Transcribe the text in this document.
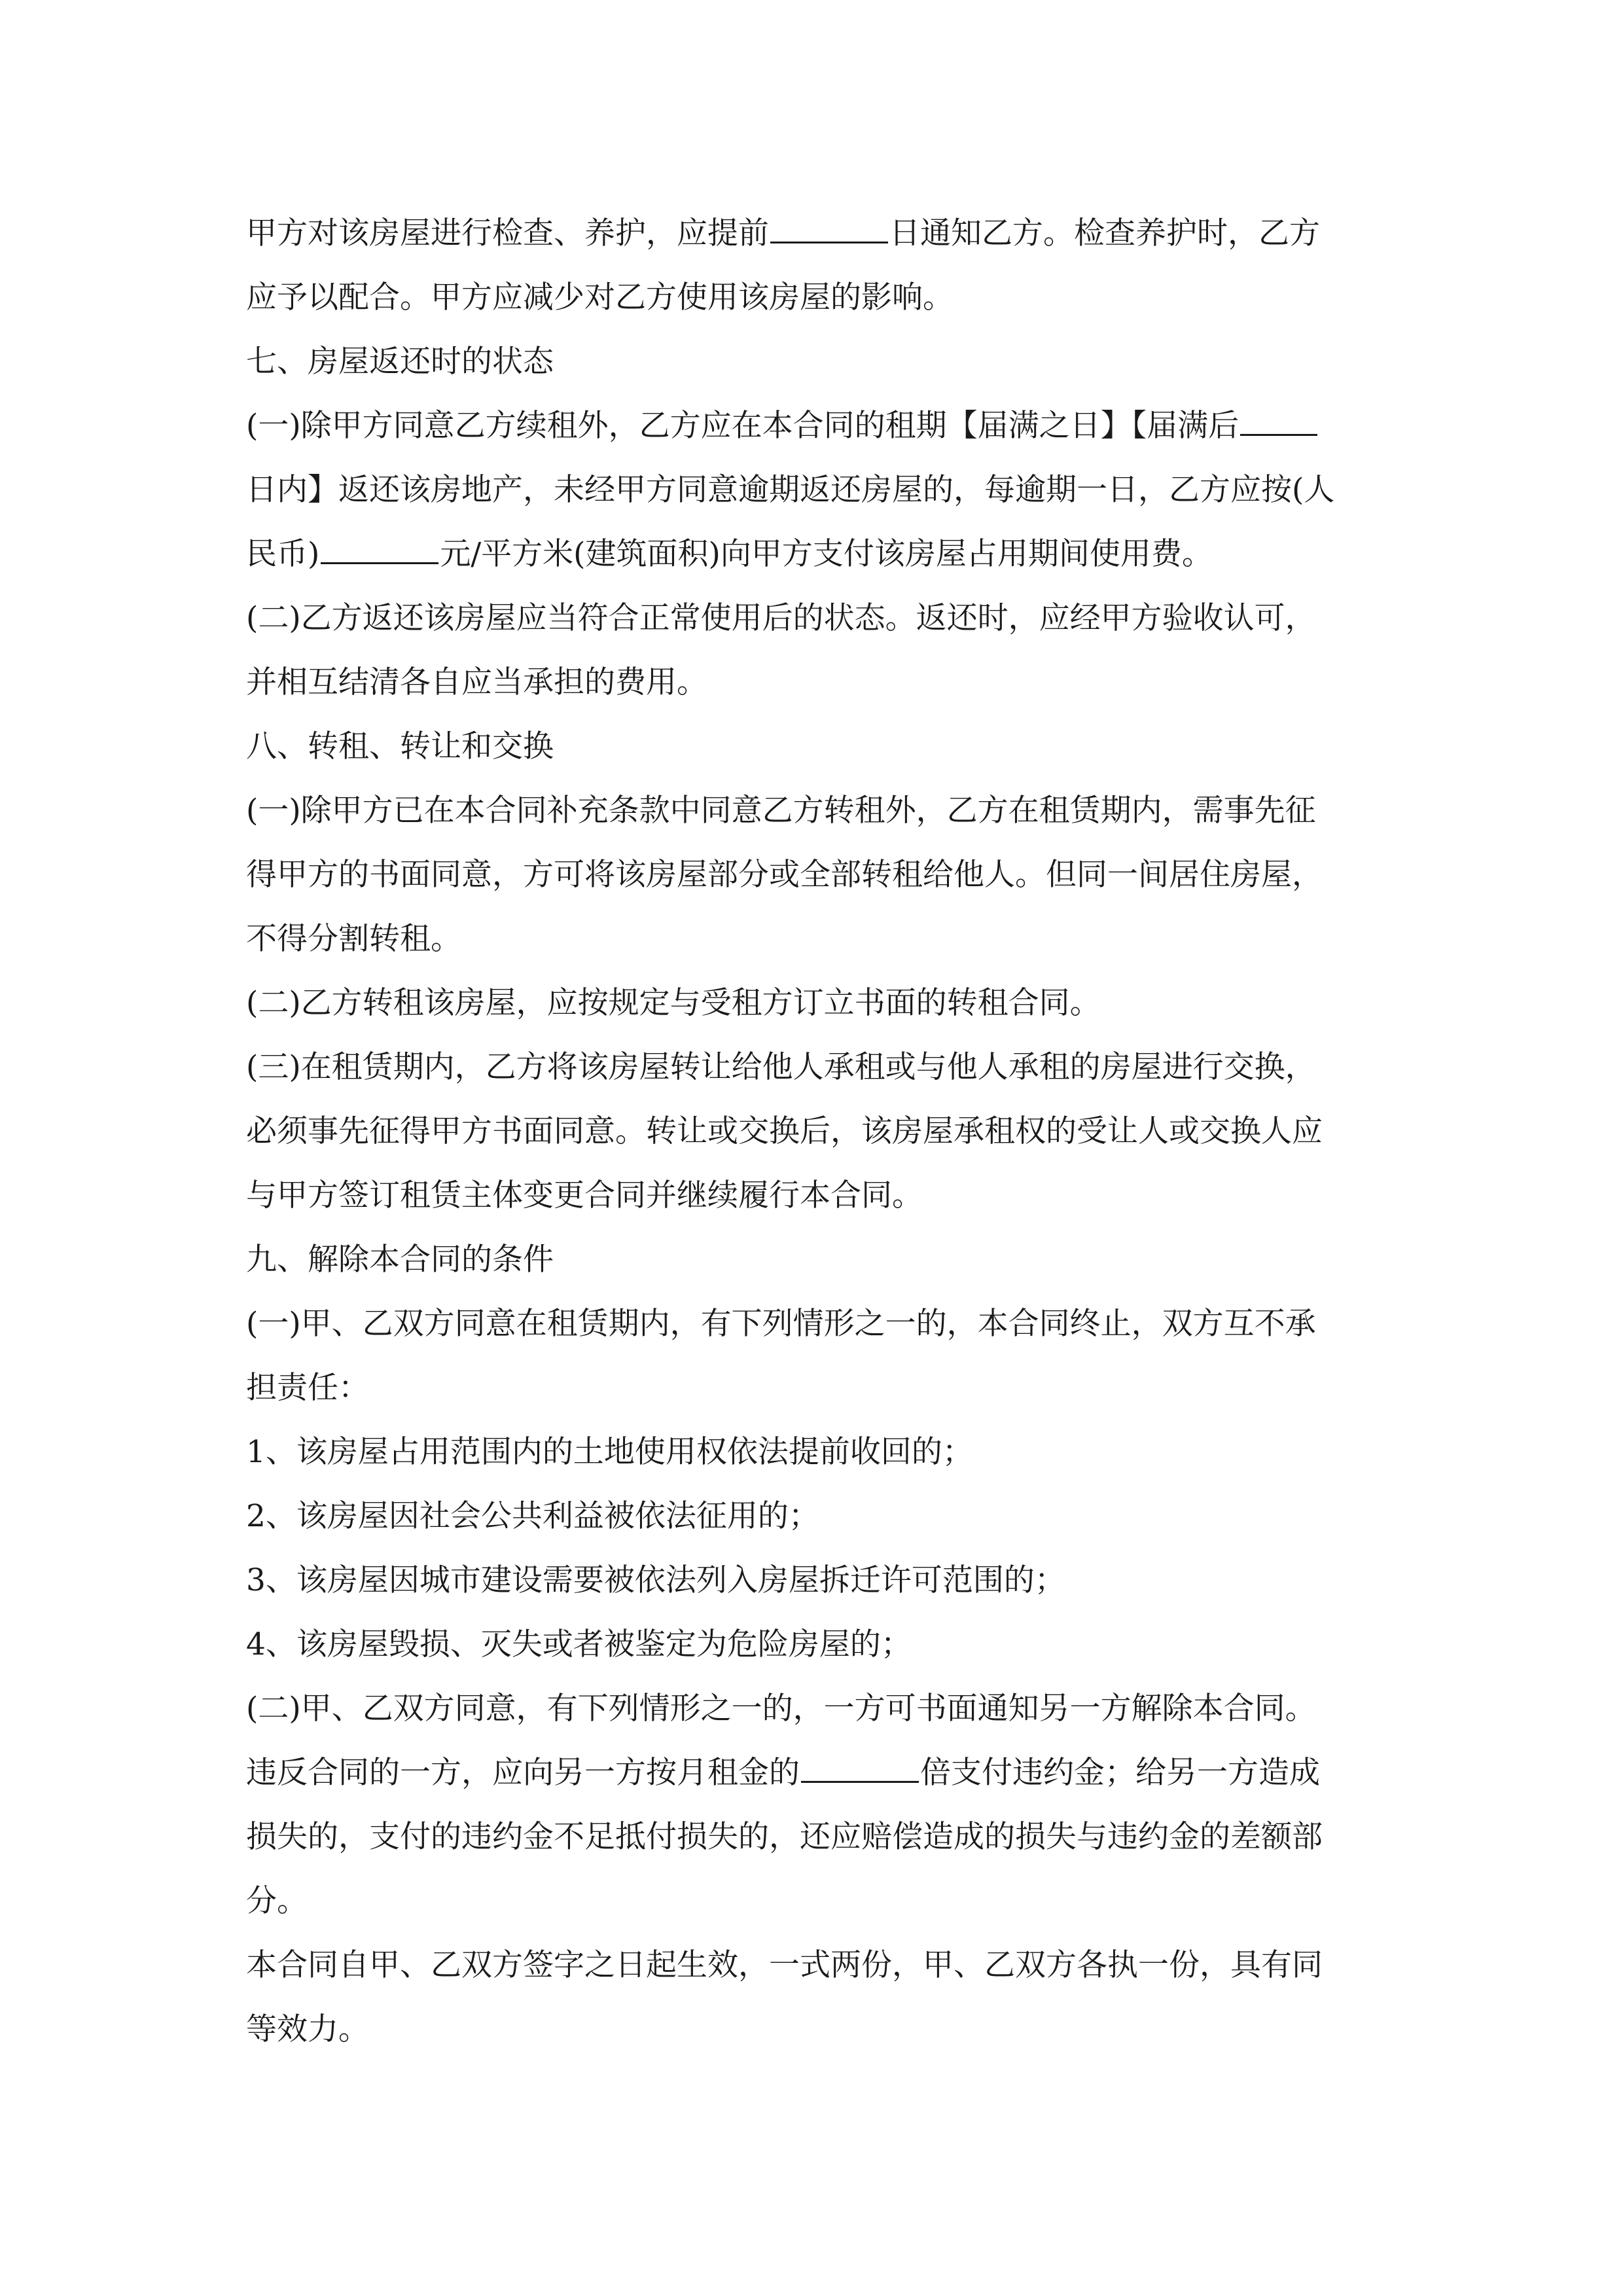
甲方对该房屋进行检查、养护，应提前	日通知乙方。检查养护时，乙方
应予以配合。甲方应减少对乙方使用该房屋的影响。
七、房屋返还时的状态
(一)除甲方同意乙方续租外，乙方应在本合同的租期【届满之日】【届满后
日内】返还该房地产，未经甲方同意逾期返还房屋的，每逾期一日，乙方应按(人
民币)	元/平方米(建筑面积)向甲方支付该房屋占用期间使用费。
(二)乙方返还该房屋应当符合正常使用后的状态。返还时，应经甲方验收认可，
并相互结清各自应当承担的费用。
八、转租、转让和交换
(一)除甲方已在本合同补充条款中同意乙方转租外，乙方在租赁期内，需事先征
得甲方的书面同意，方可将该房屋部分或全部转租给他人。但同一间居住房屋，
不得分割转租。
(二)乙方转租该房屋，应按规定与受租方订立书面的转租合同。
(三)在租赁期内，乙方将该房屋转让给他人承租或与他人承租的房屋进行交换，
必须事先征得甲方书面同意。转让或交换后，该房屋承租权的受让人或交换人应
与甲方签订租赁主体变更合同并继续履行本合同。
九、解除本合同的条件
(一)甲、乙双方同意在租赁期内，有下列情形之一的，本合同终止，双方互不承
担责任：
1、该房屋占用范围内的土地使用权依法提前收回的；
2、该房屋因社会公共利益被依法征用的；
3、该房屋因城市建设需要被依法列入房屋拆迁许可范围的；
4、该房屋毁损、灭失或者被鉴定为危险房屋的；
(二)甲、乙双方同意，有下列情形之一的，一方可书面通知另一方解除本合同。
违反合同的一方，应向另一方按月租金的	倍支付违约金；给另一方造成
损失的，支付的违约金不足抵付损失的，还应赔偿造成的损失与违约金的差额部
分。
本合同自甲、乙双方签字之日起生效，一式两份，甲、乙双方各执一份，具有同
等效力。
